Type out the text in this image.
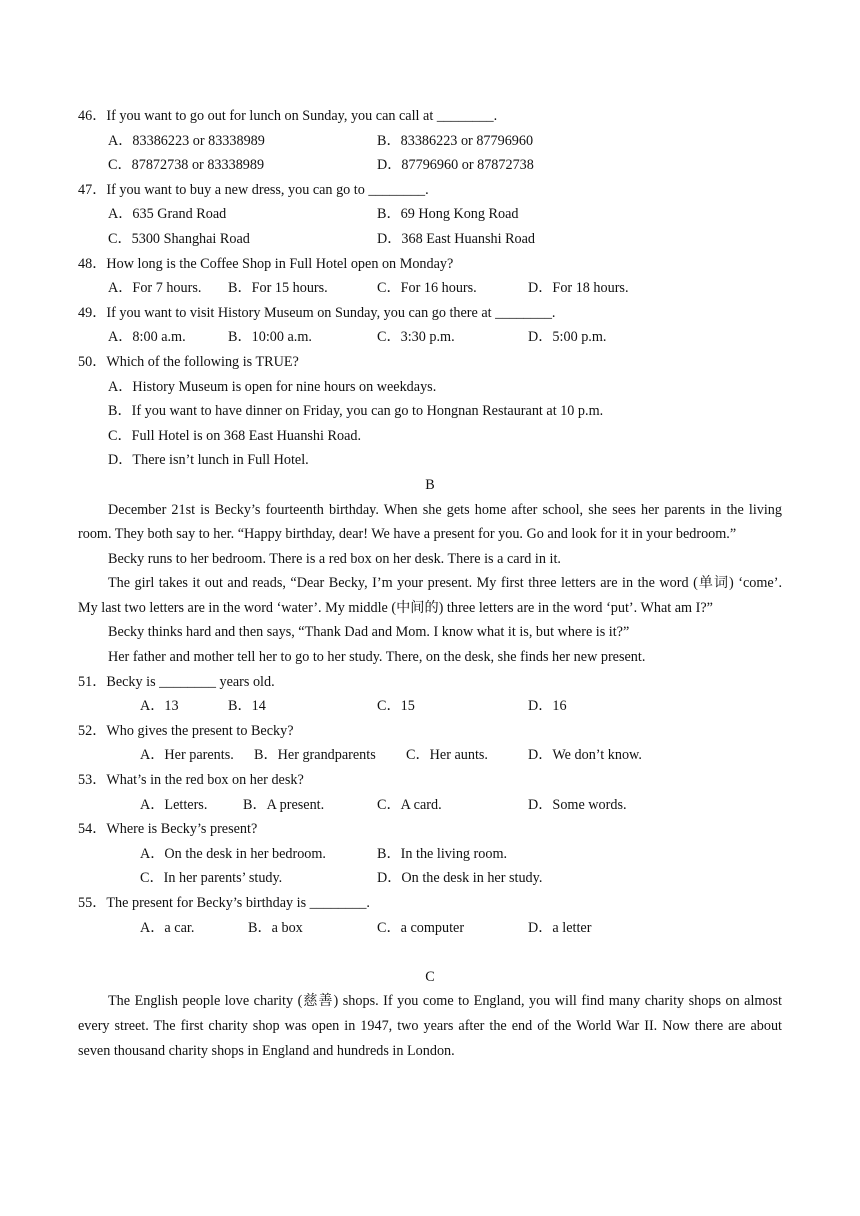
46．If you want to go out for lunch on Sunday, you can call at ________.
A．83386223 or 83338989	B．83386223 or 87796960
C．87872738 or 83338989	D．87796960 or 87872738
47．If you want to buy a new dress, you can go to ________.
A．635 Grand Road	B．69 Hong Kong Road
C．5300 Shanghai Road	D．368 East Huanshi Road
48．How long is the Coffee Shop in Full Hotel open on Monday?
A．For 7 hours. B．For 15 hours.	C．For 16 hours.	D．For 18 hours.
49．If you want to visit History Museum on Sunday, you can go there at ________.
A．8:00 a.m.	B．10:00 a.m.	C．3:30 p.m.	D．5:00 p.m.
50．Which of the following is TRUE?
A．History Museum is open for nine hours on weekdays.
B．If you want to have dinner on Friday, you can go to Hongnan Restaurant at 10 p.m.
C．Full Hotel is on 368 East Huanshi Road.
D．There isn’t lunch in Full Hotel.
B
December 21st is Becky’s fourteenth birthday. When she gets home after school, she sees her parents in the living room. They both say to her. “Happy birthday, dear! We have a present for you. Go and look for it in your bedroom.”
Becky runs to her bedroom. There is a red box on her desk. There is a card in it.
The girl takes it out and reads, “Dear Becky, I’m your present. My first three letters are in the word (单词) ‘come’. My last two letters are in the word ‘water’. My middle (中间的) three letters are in the word ‘put’. What am I?”
Becky thinks hard and then says, “Thank Dad and Mom. I know what it is, but where is it?”
Her father and mother tell her to go to her study. There, on the desk, she finds her new present.
51．Becky is ________ years old.
A．13	B．14	C．15	D．16
52．Who gives the present to Becky?
A．Her parents. B．Her grandparents C．Her aunts.	D．We don’t know.
53．What’s in the red box on her desk?
A．Letters.	B．A present.	C．A card.	D．Some words.
54．Where is Becky’s present?
A．On the desk in her bedroom.	B．In the living room.
C．In her parents’ study.	D．On the desk in her study.
55．The present for Becky’s birthday is ________.
A．a car.	B．a box	C．a computer	D．a letter
C
The English people love charity (慈善) shops. If you come to England, you will find many charity shops on almost every street. The first charity shop was open in 1947, two years after the end of the World War II. Now there are about seven thousand charity shops in England and hundreds in London.
